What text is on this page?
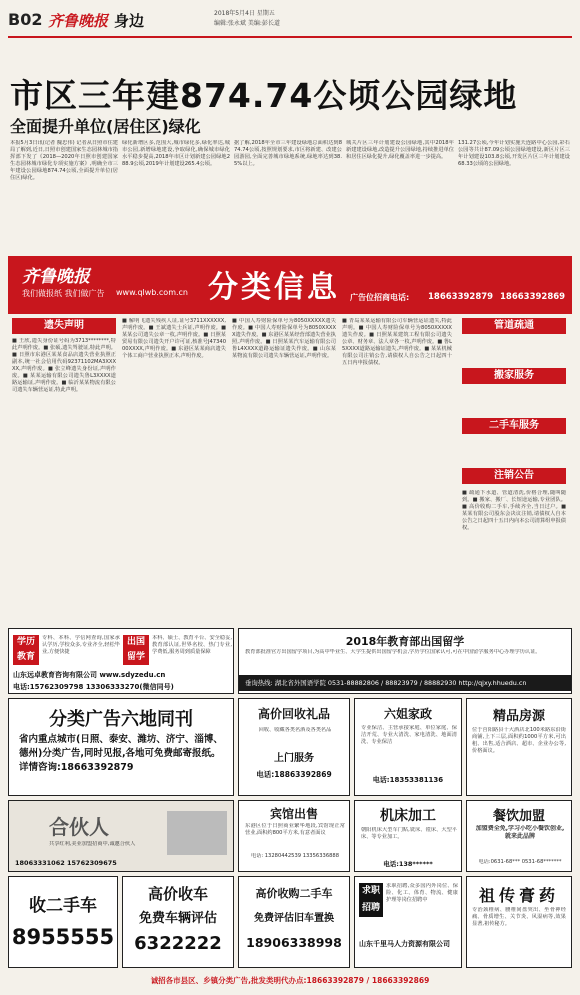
B02 齐鲁晚报 身边	2018年5月4日 星期五
编辑:张永斌 美编:彭长道
市区三年建874.74公顷公园绿地
全面提升单位(居住区)绿化
本报5月3日讯(记者 隗忠伟) 记者从日照市住建局了解到,近日,日照市创建国家生态园林城市指挥部下发了《2018—2020年日照市创建国家生态园林城市绿化专项实施方案》,明确全市三年建设公园绿地874.74公顷,全面提升单位(居住区)绿化。
绿化新增区多,范围大,城市绿化多,绿化率达,城市公园,新增绿地建设,争取绿化,确保城市绿化水平稳步提高,2018年市区计划新建公园绿地288.9公顷,2019年计划建设265.4公顷。
据了解,2018年全市三年建设绿地总面积达到874.74公顷,按照规划要求,市区将新建、改建公园游园,全面完善城市绿地系统,绿地率达到38.5%以上。
城关片区三年计划建设公园绿地,其中2018年新建建设绿地,改造提升公园绿地,持续推进单位和居住区绿化提升,绿化覆盖率进一步提高。
131.27公顷,今年计划实施天连路中心公园,彩石公园等共计87.09公顷公园绿地建设,新区片区三年计划建设103.8公顷,开发区片区三年计划建设68.33公顷的公园绿地。
齐鲁晚报
我们做报纸 我们做广告 www.qlwb.com.cn 分类信息 广告位招商电话: 18663392879 18663392869
遗失声明
■ 王欣,遗失身份证号码为3713********,特此声明作废。■ 张硕,遗失驾驶证,特此声明。■ 日照市东港区某某食品店遗失营业执照正副本,统一社会信用代码92371102MA3XXXXX,声明作废。■ 张立峰遗失身份证,声明作废。■ 某某运输有限公司遗失鲁L3XXXX道路运输证,声明作废。■ 临沂某某物流有限公司遗失车辆营运证,特此声明。
■ 解明飞遗失残疾人证,证号3711XXXXXX,声明作废。■ 王斌遗失士兵证,声明作废。■ 某某公司遗失公章一枚,声明作废。■ 日照某贸易有限公司遗失开户许可证,核准号J4734000XXXX,声明作废。■ 东港区某某商店遗失个体工商户营业执照正本,声明作废。
■ 中国人寿财险保单号为8050XXXXX遗失作废。■ 中国人寿财险保单号为8050XXXXX遗失作废。■ 东港区某某经营部遗失营业执照,声明作废。■ 日照某某汽车运输有限公司鲁L4XXXX道路运输证遗失作废。■ 山东某某物流有限公司遗失车辆营运证,声明作废。
■ 青岛某某运输有限公司车辆营运证遗失,特此声明。■ 中国人寿财险保单号为8050XXXXX遗失作废。■ 日照某某建筑工程有限公司遗失公章、财务章、法人章各一枚,声明作废。■ 鲁L5XXXX道路运输证遗失,声明作废。■ 某某机械有限公司注销公告,请债权人自公告之日起四十五日内申报债权。
管道疏通
搬家服务
二手车服务
注销公告
■ 疏通下水道、管道清洗,价格合理,随叫随到。■ 搬家、搬厂、长短途运输,专业团队。■ 高价收购二手车,手续齐全,当日过户。■ 某某有限公司股东会决议注销,请债权人自本公告之日起四十五日内向本公司清算组申报债权。
学历
教育
专科、本科、学信网查询,国家承认学历,学校众多,专业齐全,轻松毕业,方便快捷
出国
留学
本科、硕士、教育平台、安全稳妥,教育部认证,世界名校、热门专业,学费低,服务周到质量保障
山东远卓教育咨询有限公司 www.sdyzedu.cn
电话:15762309798 13306333270(微信同号)
2018年教育部出国留学
教育部批准官方出国留学项目,为高中毕业生、大学生提供出国留学机会,学历学位国家认可,可在中国留学服务中心办理学历认证。
垂询热线: 湖北省外国语学院 0531-88882806 / 88823979 / 88882930 http://qjxy.hhuedu.cn
分类广告六地同刊
省内重点城市(日照、泰安、潍坊、济宁、淄博、德州)分类广告,同时见报,各地可免费邮寄报纸。详情咨询:18663392879
高价回收礼品
回收、收藏各类名酒及各类名品
上门服务
电话:18863392869
六姐家政
专业保洁、主营承接家庭、单位家庭、保洁开荒、专业大清洗、家电清洗、地面清洗、专业保洁
电话:18353381136
精品房源
位于莒阳路县十大酒店北100米路东沿街商铺,上下三层,面积约1000平方米,可出租、出售,适合酒店、超市、企业办公等,价格面议。
合伙人
共享红利,美业加盟招商中,诚邀合伙人
18063331062 15762309675
宾馆出售
东港区位于日照商业繁华地段,宾馆现正常营业,面积约800平方米,有意者面议
电话: 13280442539 13356336888
机床加工
朝阳机床大型车门贴,铣床、镗床、大型平床、等专业加工。
电话:138******
餐饮加盟
加盟费全免,学习小吃小餐饮创业,就来此品牌
电话:0631-68*** 0531-68*******
收二手车
8955555
高价收车
免费车辆评估
6322222
高价收购二手车
免费评估旧车置换
18906338998
求职
招聘
求职招聘,众多国内外岗位、保险、化工、体育、物流、健康护理等岗位招聘中
山东千里马人力资源有限公司
祖传膏药
专治颈椎病、腰椎间盘突出、坐骨神经痛、骨质增生、关节炎、风湿病等,效果显著,祖传秘方。
诚招各市县区、乡镇分类广告,批发类明代办点:18663392879 / 18663392869
